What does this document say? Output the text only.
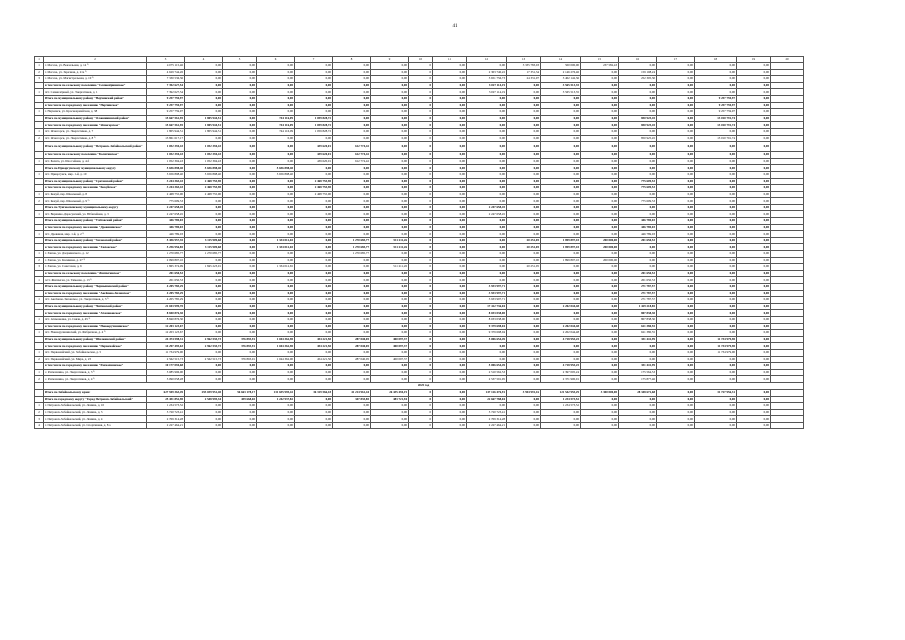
41
1	2	3	4	5	6	7	8	9	10	11	12	13	14	15	16	17	18	19	20
1	г. Могоча, ул. Вокзальная, д. 14 ²⁾	4 075 115,46	0,00	0,00	0,00	0,00	0,00	0,00	0	0,00	0,00	3 335 783,03	500 000,00	237 582,43	0,00	0,00	0,00	0,00	
2	г. Могоча, ул. Заречная, д. 21а ²⁾	4 629 744,26	0,00	0,00	0,00	0,00	0,00	0,00	0	0,00	2 303 740,22	17 351,34	2 146 276,46	0,00	159 108,24	0,00	0,00	0,00	
3	г. Могоча, ул. Магистральная, д. 10 ²⁾	7 330 536,36	0,00	0,00	0,00	0,00	0,00	0,00	0	0,00	3 651 756,73	24 331,97	3 402 142,36	0,00	252 305,30	0,00	0,00	0,00	
	в том числе по сельскому поселению "Семиозёрнинское"	7 392 627,54	0,00	0,00	0,00	0,00	0,00	0,00	0	0,00	3 027 114,19	0,00	3 565 513,35	0,00	0,00	0,00	0,00	0,00	
1	пгт. Семиозёрный, ул. Энергетиков, д. 1	7 392 627,54	0,00	0,00	0,00	0,00	0,00	0,00	0	0,00	3 027 114,19	0,00	3 565 513,35	0,00	0,00	0,00	0,00	0,00	
	Итого по муниципальному району "Нерчинский район"	9 257 759,97	0,00	0,00	0,00	0,00	0,00	0,00	0	0,00	0,00	0,00	0,00	0,00	0,00	0,00	9 257 759,97	0,00	
	в том числе по городскому поселению "Нерчинское"	9 257 759,97	0,00	0,00	0,00	0,00	0,00	0,00	0	0,00	0,00	0,00	0,00	0,00	0,00	0,00	9 257 759,97	0,00	
1	г. Нерчинск, ул. Красноармейская, д. 38	9 257 759,97	0,00	0,00	0,00	0,00	0,00	0,00	0	0,00	0,00	0,00	0,00	0,00	0,00	0,00	9 257 759,97	0,00	
	Итого по муниципальному району "Оловяннинский район"	15 667 561,95	1 805 944,51	0,00	744 116,09	1 059 828,72	0,00	0,00	0	0,00	0,00	0,00	0,00	0,00	850 925,45	0,00	13 010 791,74	0,00	
	в том числе по городскому поселению "Ясногорское"	15 667 561,95	1 805 944,51	0,00	744 116,09	1 059 828,72	0,00	0,00	0	0,00	0,00	0,00	0,00	0,00	850 925,45	0,00	13 010 791,74	0,00	
1	пгт. Ясногорск, ул. Энергетиков, д. 7	1 805 944,51	1 805 944,51	0,00	744 116,09	1 059 828,72	0,00	0,00	0	0,00	0,00	0,00	0,00	0,00	0,00	0,00	0,00	0,00	
2	пгт. Ясногорск, ул. Энергетиков, д. 8 ²⁾	13 861 617,17	0,00	0,00	0,00	0,00	0,00	0,00	0	0,00	0,00	0,00	0,00	0,00	850 925,45	0,00	13 010 791,74	0,00	
	Итого по муниципальному району "Петровск-Забайкальский район"	1 052 394,43	1 052 394,43	0,00	0,00	439 620,01	612 774,42	0,00	0	0,00	0,00	0,00	0,00	0,00	0,00	0,00	0,00	0,00	
	в том числе по сельскому поселению "Балягинское"	1 052 394,43	1 052 394,43	0,00	0,00	439 620,01	612 774,42	0,00	0	0,00	0,00	0,00	0,00	0,00	0,00	0,00	0,00	0,00	
1	пгт. Баляга, ул. Шоссейная, д. 4-б	1 052 394,43	1 052 394,43	0,00	0,00	439 620,01	612 774,42	0,00	0	0,00	0,00	0,00	0,00	0,00	0,00	0,00	0,00	0,00	
	Итого по Приаргунскому муниципальному округу	5 656 898,40	5 656 898,40	0,00	5 656 898,40	0,00	0,00	0,00	0	0,00	0,00	0,00	0,00	0,00	0,00	0,00	0,00	0,00	
1	пгт. Приаргунск, мкр. 1-й, д. 10	5 656 898,40	5 656 898,40	0,00	5 656 898,40	0,00	0,00	0,00	0	0,00	0,00	0,00	0,00	0,00	0,00	0,00	0,00	0,00	
	Итого по муниципальному району "Сретенский район"	3 244 365,43	2 468 755,90	0,00	0,00	2 468 755,90	0,00	0,00	0	0,00	0,00	0,00	0,00	0,00	775 609,53	0,00	0,00	0,00	
	в том числе по городскому поселению "Кокуйское"	3 244 365,43	2 468 755,90	0,00	0,00	2 468 755,90	0,00	0,00	0	0,00	0,00	0,00	0,00	0,00	775 609,53	0,00	0,00	0,00	
1	пгт. Кокуй, пер. Школьный, д. 8	2 468 755,90	2 468 755,90	0,00	0,00	2 468 755,90	0,00	0,00	0	0,00	0,00	0,00	0,00	0,00	0,00	0,00	0,00	0,00	
2	пгт. Кокуй, пер. Школьный, д. 9 ²⁾	775 609,53	0,00	0,00	0,00	0,00	0,00	0,00	0	0,00	0,00	0,00	0,00	0,00	775 609,53	0,00	0,00	0,00	
	Итого по Тунгокоченскому муниципальному округу	2 247 658,45	0,00	0,00	0,00	0,00	0,00	0,00	0	0,00	2 247 658,45	0,00	0,00	0,00	0,00	0,00	0,00	0,00	
1	пгт. Вершино-Дарасунский, ул. Юбилейная, д. 3	2 247 658,45	0,00	0,00	0,00	0,00	0,00	0,00	0	0,00	2 247 658,45	0,00	0,00	0,00	0,00	0,00	0,00	0,00	
	Итого по муниципальному району "Улётовский район"	446 789,03	0,00	0,00	0,00	0,00	0,00	0,00	0	0,00	0,00	0,00	0,00	0,00	446 789,03	0,00	0,00	0,00	
	в том числе по городскому поселению "Дровянинское"	446 789,03	0,00	0,00	0,00	0,00	0,00	0,00	0	0,00	0,00	0,00	0,00	0,00	446 789,03	0,00	0,00	0,00	
1	пгт. Дровяная, мкр. 1-й, д. 2 ²⁾	446 789,03	0,00	0,00	0,00	0,00	0,00	0,00	0	0,00	0,00	0,00	0,00	0,00	446 789,03	0,00	0,00	0,00	
	Итого по муниципальному району "Хилокский район"	5 456 957,35	3 115 909,68	0,00	1 334 012,65	0,00	1 270 685,77	511 211,26	0	0,00	0,00	20 251,05	1 899 897,10	200 000,00	201 650,53	0,00	0,00	0,00	
	в том числе по городскому поселению "Хилокское"	5 256 956,85	3 115 909,68	0,00	1 334 012,65	0,00	1 270 685,77	511 211,26	0	0,00	0,00	20 251,05	1 899 897,10	200 000,00	0,00	0,00	0,00	0,00	
1	г. Хилок, ул. Дзержинского, д. 12	1 270 685,77	1 270 685,77	0,00	0,00	0,00	1 270 685,77	0,00	0	0,00	0,00	0,00	0,00	0,00	0,00	0,00	0,00	0,00	
2	г. Хилок, ул. Калинина, д. 27 ²⁾	2 099 897,10	0,00	0,00	0,00	0,00	0,00	0,00	0	0,00	0,00	0,00	1 899 897,10	200 000,00	0,00	0,00	0,00	0,00	
3	г. Хилок, ул. Советская, д. 6	1 865 374,99	1 845 223,91	0,00	1 334 012,65	0,00	0,00	511 211,26	0	0,00	0,00	20 251,05	0,00	0,00	0,00	0,00	0,00	0,00	
	в том числе по сельскому поселению "Жипхегенское"	201 650,53	0,00	0,00	0,00	0,00	0,00	0,00	0	0,00	0,00	0,00	0,00	0,00	201 650,53	0,00	0,00	0,00	
1	п/ст. Жипхеген, ул. Тимеева, д. 13 ²⁾	201 650,53	0,00	0,00	0,00	0,00	0,00	0,00	0	0,00	0,00	0,00	0,00	0,00	201 650,53	0,00	0,00	0,00	
	Итого по муниципальному району "Чернышевский район"	4 205 785,29	0,00	0,00	0,00	0,00	0,00	0,00	0	0,00	3 933 997,71	0,00	0,00	0,00	271 787,57	0,00	0,00	0,00	
	в том числе по городскому поселению "Аксёново-Зиловское"	4 205 785,29	0,00	0,00	0,00	0,00	0,00	0,00	0	0,00	3 933 997,71	0,00	0,00	0,00	271 787,57	0,00	0,00	0,00	
1	пгт. Аксёново-Зиловское, ул. Энергетиков, д. 3 ²⁾	4 205 785,29	0,00	0,00	0,00	0,00	0,00	0,00	0	0,00	3 933 997,71	0,00	0,00	0,00	271 787,57	0,00	0,00	0,00	
	Итого по муниципальному району "Читинский район"	21 043 999,70	0,00	0,00	0,00	0,00	0,00	0,00	0	0,00	17 412 736,04	0,00	2 202 044,48	0,00	1 429 218,85	0,00	0,00	0,00	
	в том числе по городскому поселению "Атамановское"	8 840 876,30	0,00	0,00	0,00	0,00	0,00	0,00	0	0,00	8 033 038,00	0,00	0,00	0,00	807 838,30	0,00	0,00	0,00	
1	пгт. Атамановка, ул. Связи, д. 45 ²⁾	8 840 876,30	0,00	0,00	0,00	0,00	0,00	0,00	0	0,00	8 033 038,00	0,00	0,00	0,00	807 838,30	0,00	0,00	0,00	
	в том числе по городскому поселению "Новокручининское"	12 203 123,67	0,00	0,00	0,00	0,00	0,00	0,00	0	0,00	9 379 698,04	0,00	2 202 044,48	0,00	621 380,55	0,00	0,00	0,00	
1	пгт. Новокручининский, ул. Фабричная, д. 4 ²⁾	12 203 123,67	0,00	0,00	0,00	0,00	0,00	0,00	0	0,00	9 379 698,04	0,00	2 202 044,48	0,00	621 380,55	0,00	0,00	0,00	
	Итого по муниципальному району "Шилкинский район"	24 474 598,31	2 962 535,73	376 893,91	1 044 362,90	454 221,50	287 040,05	400 097,37	0	0,00	5 006 654,49	0,00	4 718 955,25	0,00	351 441,99	0,00	11 734 979,90	0,00	
	в том числе по городскому поселению "Первомайское"	14 297 495,63	2 962 535,73	376 893,91	1 044 362,90	454 221,50	287 040,05	400 097,37	0	0,00	0,00	0,00	0,00	0,00	0,00	0,00	11 734 979,90	0,00	
1	пгт. Первомайский, ул. Забайкальская, д. 5	11 734 979,90	0,00	0,00	0,00	0,00	0,00	0,00	0	0,00	0,00	0,00	0,00	0,00	0,00	0,00	11 734 979,90	0,00	
2	пгт. Первомайский, ул. Мира, д. 23	2 562 515,73	2 562 515,73	376 893,91	1 044 362,90	454 221,50	287 040,05	400 097,37	0	0,00	0,00	0,00	0,00	0,00	0,00	0,00	0,00	0,00	
	в том числе по городскому поселению "Размахнинское"	10 177 094,68	0,00	0,00	0,00	0,00	0,00	0,00	0	0,00	5 006 654,49	0,00	4 718 955,25	0,00	351 441,99	0,00	0,00	0,00	
1	с. Размахнино, ул. Энергетиков, д. 3 ²⁾	5 085 996,00	0,00	0,00	0,00	0,00	0,00	0,00	0	0,00	2 510 562,53	0,00	2 397 005,24	0,00	175 564,53	0,00	0,00	0,00	
2	с. Размахнино, ул. Энергетиков, д. 4 ²⁾	5 090 058,28	0,00	0,00	0,00	0,00	0,00	0,00	0	0,00	2 537 591,95	0,00	2 371 900,01	0,00	175 877,46	0,00	0,00	0,00	
	2025 год																		
	Итого по Забайкальскому краю:	627 949 363,49	293 039 951,40	56 663 178,17	131 655 995,42	36 319 566,18	41 214 961,44	26 435 494,19	0	0,00	147 126 476,91	3 594 991,16	121 542 955,29	3 300 000,00	28 348 672,68	0,00	31 727 956,31	0,00	
	Итого по городскому округу "Город Петровск-Забайкальский"	25 451 852,90	2 548 995,34	459 668,65	1 242 937,82	0,00	347 835,85	483 721,94	0	0,00	22 667 788,04	0,00	1 234 573,52	0,00	0,00	0,00	0,00	0,00	
1	г. Петровск-Забайкальский, ул. Ленина, д. 10	1 234 573,52	0,00	0,00	0,00	0,00	0,00	0,00	0	0,00	0,00	0,00	1 234 573,52	0,00	0,00	0,00	0,00	0,00	
2	г. Петровск-Забайкальский, ул. Ленина, д. 3	5 720 723,41	0,00	0,00	0,00	0,00	0,00	0,00	0	0,00	5 720 723,41	0,00	0,00	0,00	0,00	0,00	0,00	0,00	
3	г. Петровск-Забайкальский, ул. Ленина, д. 4	2 709 314,28	0,00	0,00	0,00	0,00	0,00	0,00	0	0,00	2 709 314,28	0,00	0,00	0,00	0,00	0,00	0,00	0,00	
4	г. Петровск-Забайкальский, ул. Спортивная, д. 8 а	2 227 464,21	0,00	0,00	0,00	0,00	0,00	0,00	0	0,00	2 227 464,21	0,00	0,00	0,00	0,00	0,00	0,00	0,00	
